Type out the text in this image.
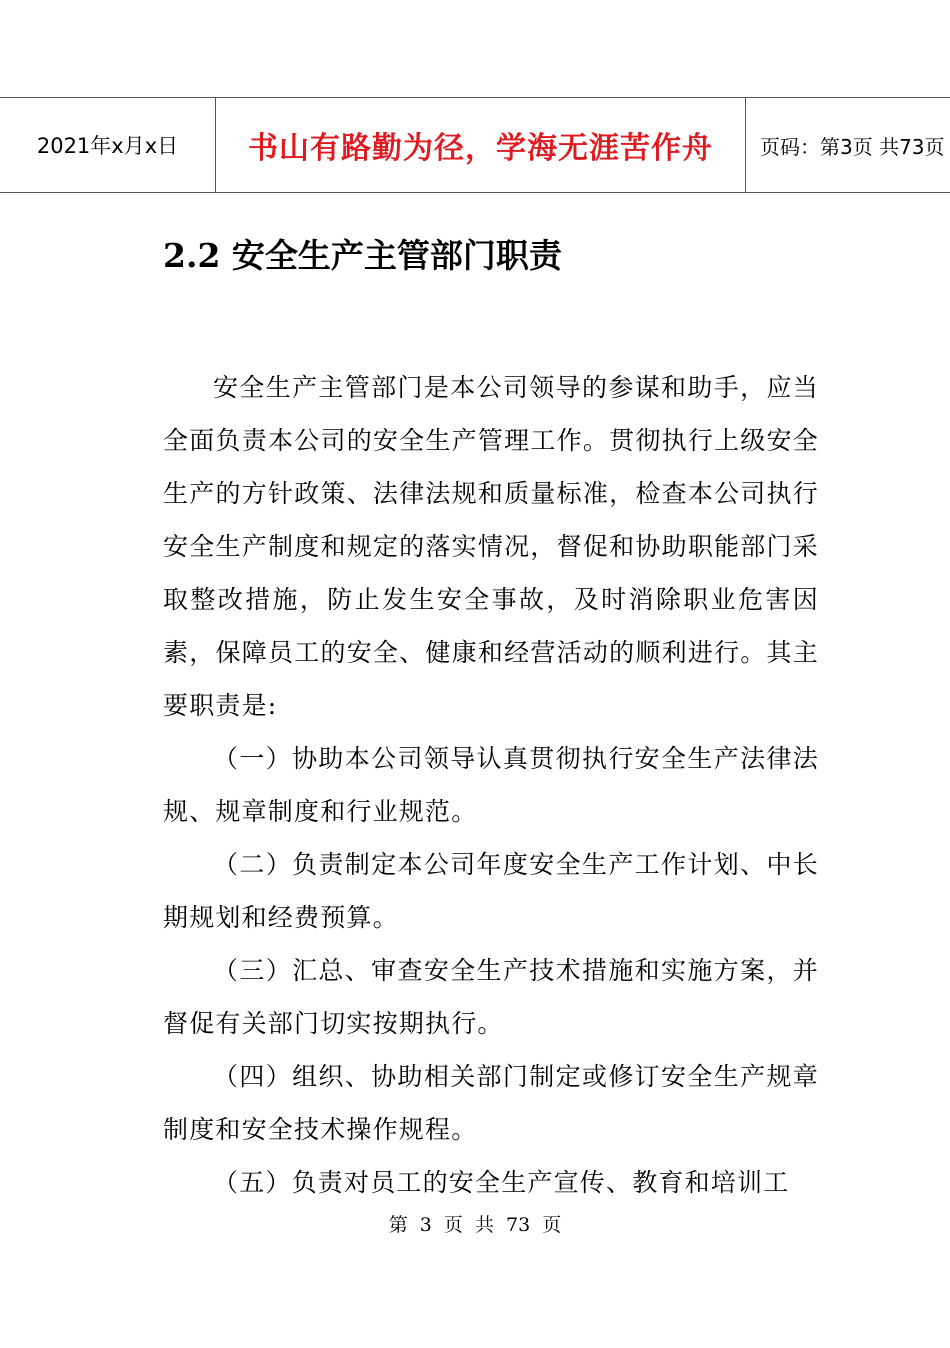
2021年x月x日	书山有路勤为径，学海无涯苦作舟	页码：第3页 共73页
2.2 安全生产主管部门职责

安全生产主管部门是本公司领导的参谋和助手，应当全面负责本公司的安全生产管理工作。贯彻执行上级安全生产的方针政策、法律法规和质量标准，检查本公司执行安全生产制度和规定的落实情况，督促和协助职能部门采取整改措施，防止发生安全事故，及时消除职业危害因素，保障员工的安全、健康和经营活动的顺利进行。其主要职责是:

（一）协助本公司领导认真贯彻执行安全生产法律法规、规章制度和行业规范。

（二）负责制定本公司年度安全生产工作计划、中长期规划和经费预算。

（三）汇总、审查安全生产技术措施和实施方案，并督促有关部门切实按期执行。

（四）组织、协助相关部门制定或修订安全生产规章制度和安全技术操作规程。

（五）负责对员工的安全生产宣传、教育和培训工

第 3 页 共 73 页
